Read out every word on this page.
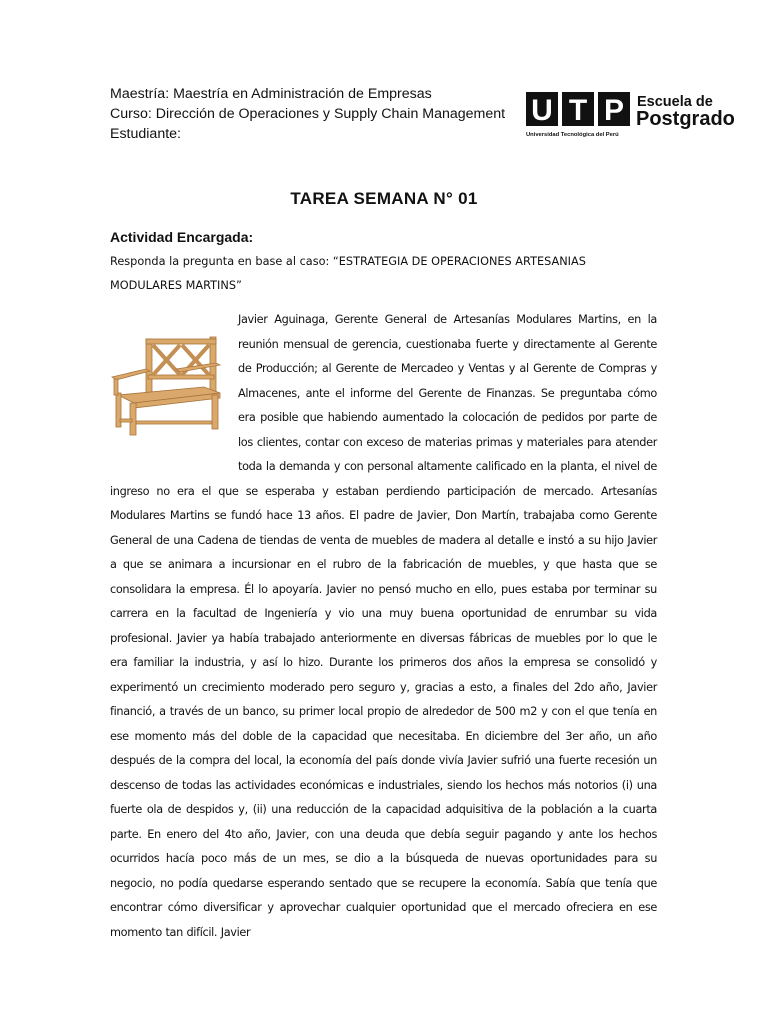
Maestría: Maestría en Administración de Empresas
Curso: Dirección de Operaciones y Supply Chain Management
Estudiante:
U T P Escuela de
Postgrado
Universidad Tecnológica del Perú
TAREA SEMANA N° 01
Actividad Encargada:
Responda la pregunta en base al caso: “ESTRATEGIA DE OPERACIONES ARTESANIAS
MODULARES MARTINS”
Javier Aguinaga, Gerente General de Artesanías Modulares Martins, en la reunión mensual de gerencia, cuestionaba fuerte y directamente al Gerente de Producción; al Gerente de Mercadeo y Ventas y al Gerente de Compras y Almacenes, ante el informe del Gerente de Finanzas. Se preguntaba cómo era posible que habiendo aumentado la colocación de pedidos por parte de los clientes, contar con exceso de materias primas y materiales para atender toda la demanda y con personal altamente calificado en la planta, el nivel de ingreso no era el que se esperaba y estaban perdiendo participación de mercado. Artesanías Modulares Martins se fundó hace 13 años. El padre de Javier, Don Martín, trabajaba como Gerente General de una Cadena de tiendas de venta de muebles de madera al detalle e instó a su hijo Javier a que se animara a incursionar en el rubro de la fabricación de muebles, y que hasta que se consolidara la empresa. Él lo apoyaría. Javier no pensó mucho en ello, pues estaba por terminar su carrera en la facultad de Ingeniería y vio una muy buena oportunidad de enrumbar su vida profesional. Javier ya había trabajado anteriormente en diversas fábricas de muebles por lo que le era familiar la industria, y así lo hizo. Durante los primeros dos años la empresa se consolidó y experimentó un crecimiento moderado pero seguro y, gracias a esto, a finales del 2do año, Javier financió, a través de un banco, su primer local propio de alrededor de 500 m2 y con el que tenía en ese momento más del doble de la capacidad que necesitaba. En diciembre del 3er año, un año después de la compra del local, la economía del país donde vivía Javier sufrió una fuerte recesión un descenso de todas las actividades económicas e industriales, siendo los hechos más notorios (i) una fuerte ola de despidos y, (ii) una reducción de la capacidad adquisitiva de la población a la cuarta parte. En enero del 4to año, Javier, con una deuda que debía seguir pagando y ante los hechos ocurridos hacía poco más de un mes, se dio a la búsqueda de nuevas oportunidades para su negocio, no podía quedarse esperando sentado que se recupere la economía. Sabía que tenía que encontrar cómo diversificar y aprovechar cualquier oportunidad que el mercado ofreciera en ese momento tan difícil. Javier
